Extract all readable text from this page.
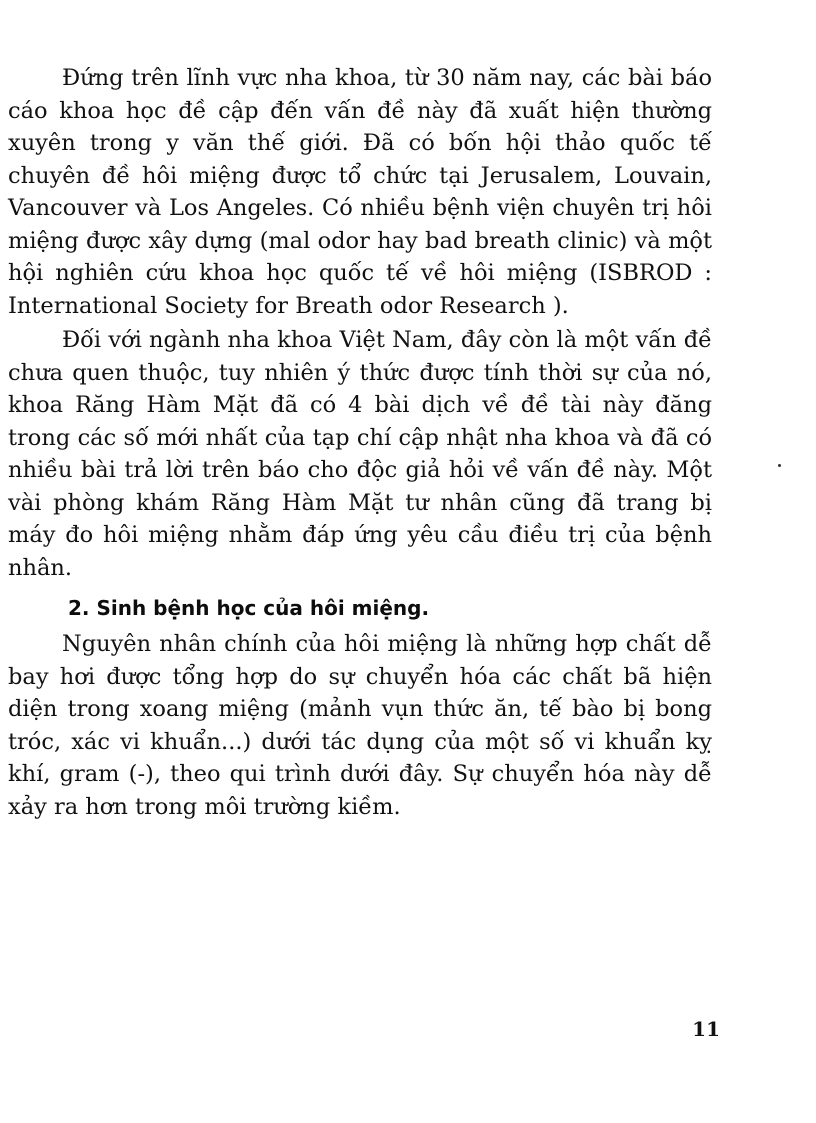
Đứng trên lĩnh vực nha khoa, từ 30 năm nay, các bài báo cáo khoa học đề cập đến vấn đề này đã xuất hiện thường xuyên trong y văn thế giới. Đã có bốn hội thảo quốc tế chuyên đề hôi miệng được tổ chức tại Jerusalem, Louvain, Vancouver và Los Angeles. Có nhiều bệnh viện chuyên trị hôi miệng được xây dựng (mal odor hay bad breath clinic) và một hội nghiên cứu khoa học quốc tế về hôi miệng (ISBROD : International Society for Breath odor Research ).

Đối với ngành nha khoa Việt Nam, đây còn là một vấn đề chưa quen thuộc, tuy nhiên ý thức được tính thời sự của nó, khoa Răng Hàm Mặt đã có 4 bài dịch về đề tài này đăng trong các số mới nhất của tạp chí cập nhật nha khoa và đã có nhiều bài trả lời trên báo cho độc giả hỏi về vấn đề này. Một vài phòng khám Răng Hàm Mặt tư nhân cũng đã trang bị máy đo hôi miệng nhằm đáp ứng yêu cầu điều trị của bệnh nhân.

2. Sinh bệnh học của hôi miệng.

Nguyên nhân chính của hôi miệng là những hợp chất dễ bay hơi được tổng hợp do sự chuyển hóa các chất bã hiện diện trong xoang miệng (mảnh vụn thức ăn, tế bào bị bong tróc, xác vi khuẩn...) dưới tác dụng của một số vi khuẩn kỵ khí, gram (-), theo qui trình dưới đây. Sự chuyển hóa này dễ xảy ra hơn trong môi trường kiềm.

11
